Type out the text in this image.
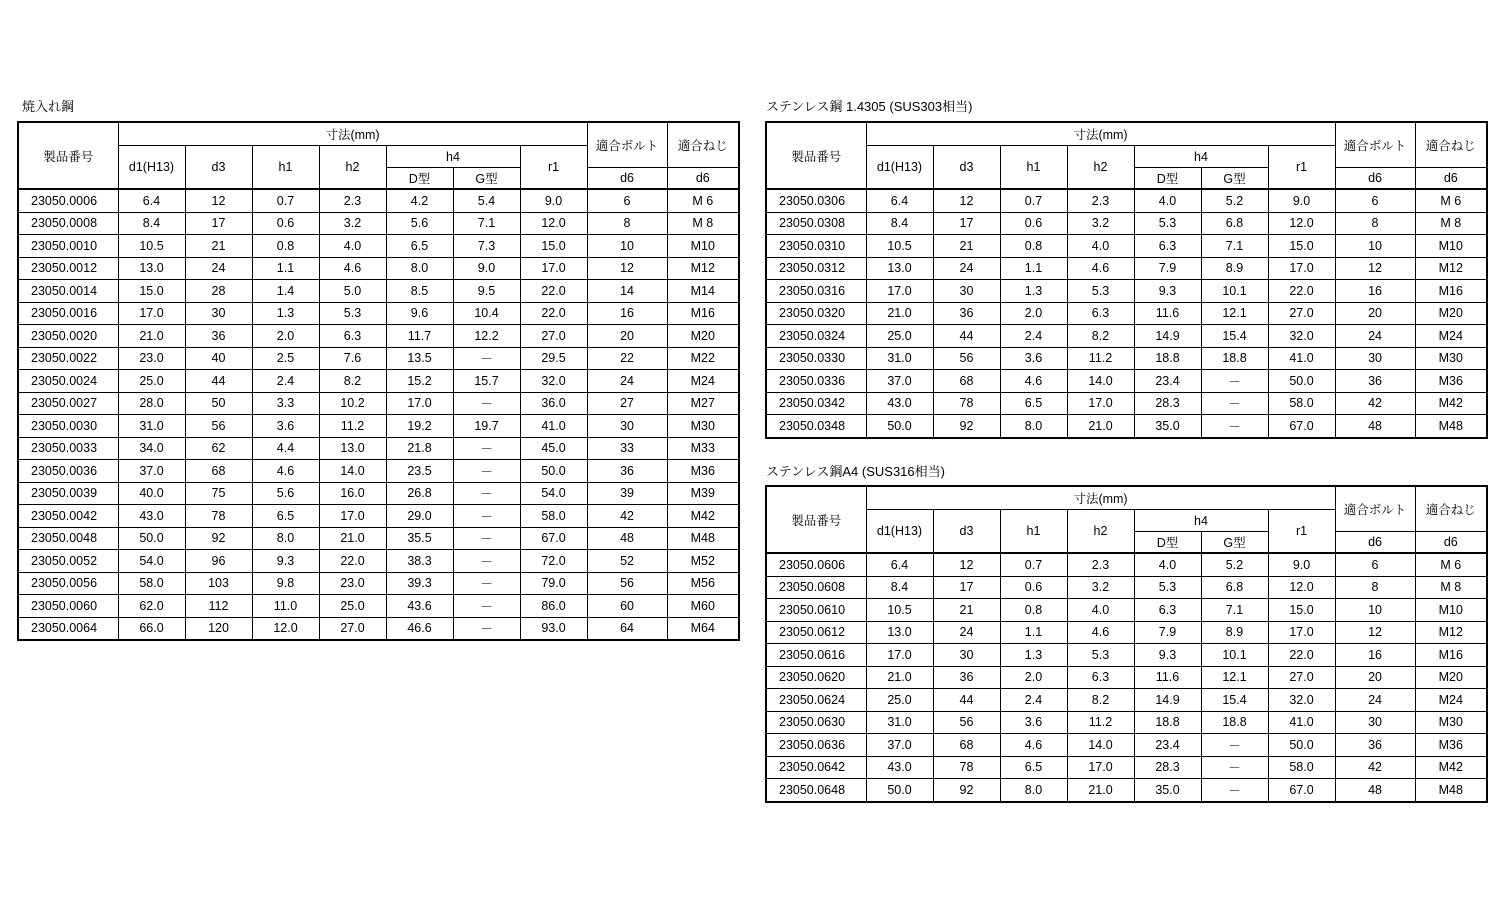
焼入れ鋼
製品番号	寸法(mm)							適合ボルト	適合ねじ
	d1(H13)	d3	h1	h2	h4		r1		
					D型	G型		d6	d6
23050.0006	6.4	12	0.7	2.3	4.2	5.4	9.0	6	M 6
23050.0008	8.4	17	0.6	3.2	5.6	7.1	12.0	8	M 8
23050.0010	10.5	21	0.8	4.0	6.5	7.3	15.0	10	M10
23050.0012	13.0	24	1.1	4.6	8.0	9.0	17.0	12	M12
23050.0014	15.0	28	1.4	5.0	8.5	9.5	22.0	14	M14
23050.0016	17.0	30	1.3	5.3	9.6	10.4	22.0	16	M16
23050.0020	21.0	36	2.0	6.3	11.7	12.2	27.0	20	M20
23050.0022	23.0	40	2.5	7.6	13.5	－	29.5	22	M22
23050.0024	25.0	44	2.4	8.2	15.2	15.7	32.0	24	M24
23050.0027	28.0	50	3.3	10.2	17.0	－	36.0	27	M27
23050.0030	31.0	56	3.6	11.2	19.2	19.7	41.0	30	M30
23050.0033	34.0	62	4.4	13.0	21.8	－	45.0	33	M33
23050.0036	37.0	68	4.6	14.0	23.5	－	50.0	36	M36
23050.0039	40.0	75	5.6	16.0	26.8	－	54.0	39	M39
23050.0042	43.0	78	6.5	17.0	29.0	－	58.0	42	M42
23050.0048	50.0	92	8.0	21.0	35.5	－	67.0	48	M48
23050.0052	54.0	96	9.3	22.0	38.3	－	72.0	52	M52
23050.0056	58.0	103	9.8	23.0	39.3	－	79.0	56	M56
23050.0060	62.0	112	11.0	25.0	43.6	－	86.0	60	M60
23050.0064	66.0	120	12.0	27.0	46.6	－	93.0	64	M64
ステンレス鋼 1.4305 (SUS303相当)
製品番号	寸法(mm)							適合ボルト	適合ねじ
	d1(H13)	d3	h1	h2	h4		r1		
					D型	G型		d6	d6
23050.0306	6.4	12	0.7	2.3	4.0	5.2	9.0	6	M 6
23050.0308	8.4	17	0.6	3.2	5.3	6.8	12.0	8	M 8
23050.0310	10.5	21	0.8	4.0	6.3	7.1	15.0	10	M10
23050.0312	13.0	24	1.1	4.6	7.9	8.9	17.0	12	M12
23050.0316	17.0	30	1.3	5.3	9.3	10.1	22.0	16	M16
23050.0320	21.0	36	2.0	6.3	11.6	12.1	27.0	20	M20
23050.0324	25.0	44	2.4	8.2	14.9	15.4	32.0	24	M24
23050.0330	31.0	56	3.6	11.2	18.8	18.8	41.0	30	M30
23050.0336	37.0	68	4.6	14.0	23.4	－	50.0	36	M36
23050.0342	43.0	78	6.5	17.0	28.3	－	58.0	42	M42
23050.0348	50.0	92	8.0	21.0	35.0	－	67.0	48	M48
ステンレス鋼A4 (SUS316相当)
製品番号	寸法(mm)							適合ボルト	適合ねじ
	d1(H13)	d3	h1	h2	h4		r1		
					D型	G型		d6	d6
23050.0606	6.4	12	0.7	2.3	4.0	5.2	9.0	6	M 6
23050.0608	8.4	17	0.6	3.2	5.3	6.8	12.0	8	M 8
23050.0610	10.5	21	0.8	4.0	6.3	7.1	15.0	10	M10
23050.0612	13.0	24	1.1	4.6	7.9	8.9	17.0	12	M12
23050.0616	17.0	30	1.3	5.3	9.3	10.1	22.0	16	M16
23050.0620	21.0	36	2.0	6.3	11.6	12.1	27.0	20	M20
23050.0624	25.0	44	2.4	8.2	14.9	15.4	32.0	24	M24
23050.0630	31.0	56	3.6	11.2	18.8	18.8	41.0	30	M30
23050.0636	37.0	68	4.6	14.0	23.4	－	50.0	36	M36
23050.0642	43.0	78	6.5	17.0	28.3	－	58.0	42	M42
23050.0648	50.0	92	8.0	21.0	35.0	－	67.0	48	M48
